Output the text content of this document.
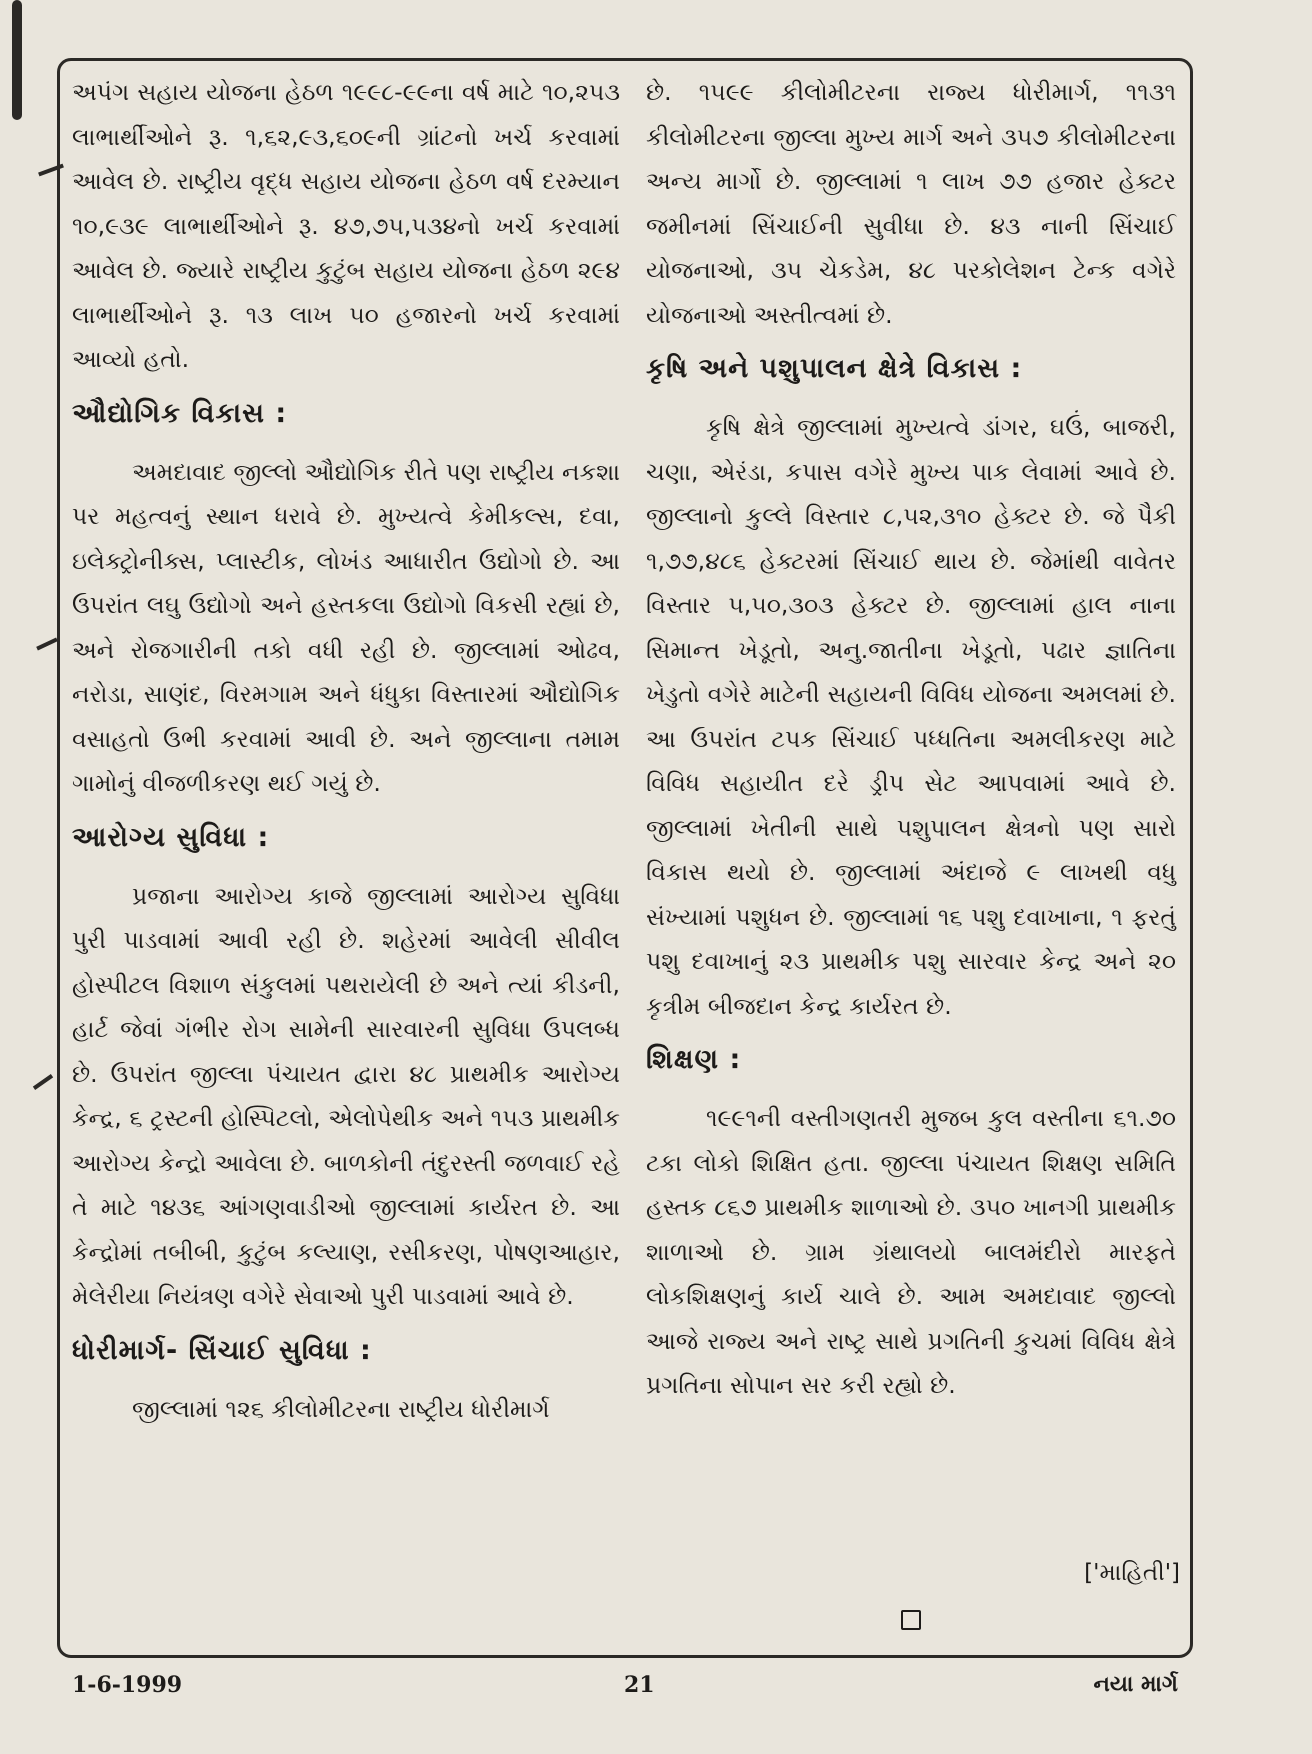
અપંગ સહાય યોજના હેઠળ ૧૯૯૮-૯૯ના વર્ષ માટે ૧૦,૨૫૩ લાભાર્થીઓને રૂ. ૧,૬૨,૯૩,૬૦૯ની ગ્રાંટનો ખર્ચ કરવામાં આવેલ છે. રાષ્ટ્રીય વૃદ્ધ સહાય યોજના હેઠળ વર્ષ દરમ્યાન ૧૦,૯૩૯ લાભાર્થીઓને રૂ. ૪૭,૭૫,૫૩૪નો ખર્ચ કરવામાં આવેલ છે. જ્યારે રાષ્ટ્રીય કુટુંબ સહાય યોજના હેઠળ ૨૯૪ લાભાર્થીઓને રૂ. ૧૩ લાખ ૫૦ હજારનો ખર્ચ કરવામાં આવ્યો હતો.

ઔદ્યોગિક વિકાસ :

અમદાવાદ જીલ્લો ઔદ્યોગિક રીતે પણ રાષ્ટ્રીય નકશા પર મહત્વનું સ્થાન ધરાવે છે. મુખ્યત્વે કેમીકલ્સ, દવા, ઇલેક્ટ્રોનીક્સ, પ્લાસ્ટીક, લોખંડ આધારીત ઉદ્યોગો છે. આ ઉપરાંત લઘુ ઉદ્યોગો અને હસ્તકલા ઉદ્યોગો વિકસી રહ્યાં છે, અને રોજગારીની તકો વધી રહી છે. જીલ્લામાં ઓઢવ, નરોડા, સાણંદ, વિરમગામ અને ધંધુકા વિસ્તારમાં ઔદ્યોગિક વસાહતો ઉભી કરવામાં આવી છે. અને જીલ્લાના તમામ ગામોનું વીજળીકરણ થઈ ગયું છે.

આરોગ્ય સુવિધા :

પ્રજાના આરોગ્ય કાજે જીલ્લામાં આરોગ્ય સુવિધા પુરી પાડવામાં આવી રહી છે. શહેરમાં આવેલી સીવીલ હોસ્પીટલ વિશાળ સંકુલમાં પથરાયેલી છે અને ત્યાં કીડની, હાર્ટ જેવાં ગંભીર રોગ સામેની સારવારની સુવિધા ઉપલબ્ધ છે. ઉપરાંત જીલ્લા પંચાયત દ્વારા ૪૮ પ્રાથમીક આરોગ્ય કેન્દ્ર, ૬ ટ્રસ્ટની હોસ્પિટલો, એલોપેથીક અને ૧૫૩ પ્રાથમીક આરોગ્ય કેન્દ્રો આવેલા છે. બાળકોની તંદુરસ્તી જળવાઈ રહે તે માટે ૧૪૩૬ આંગણવાડીઓ જીલ્લામાં કાર્યરત છે. આ કેન્દ્રોમાં તબીબી, કુટુંબ કલ્યાણ, રસીકરણ, પોષણઆહાર, મેલેરીયા નિયંત્રણ વગેરે સેવાઓ પુરી પાડવામાં આવે છે.

ધોરીમાર્ગ- સિંચાઈ સુવિધા :

જીલ્લામાં ૧૨૬ કીલોમીટરના રાષ્ટ્રીય ધોરીમાર્ગ

છે. ૧૫૯૯ કીલોમીટરના રાજ્ય ધોરીમાર્ગ, ૧૧૩૧ કીલોમીટરના જીલ્લા મુખ્ય માર્ગ અને ૩૫૭ કીલોમીટરના અન્ય માર્ગો છે. જીલ્લામાં ૧ લાખ ૭૭ હજાર હેક્ટર જમીનમાં સિંચાઈની સુવીધા છે. ૪૩ નાની સિંચાઈ યોજનાઓ, ૩૫ ચેકડેમ, ૪૮ પરકોલેશન ટેન્ક વગેરે યોજનાઓ અસ્તીત્વમાં છે.

કૃષિ અને પશુપાલન ક્ષેત્રે વિકાસ :

કૃષિ ક્ષેત્રે જીલ્લામાં મુખ્યત્વે ડાંગર, ઘઉં, બાજરી, ચણા, એરંડા, કપાસ વગેરે મુખ્ય પાક લેવામાં આવે છે. જીલ્લાનો કુલ્લે વિસ્તાર ૮,૫૨,૩૧૦ હેક્ટર છે. જે પૈકી ૧,૭૭,૪૮૬ હેક્ટરમાં સિંચાઈ થાય છે. જેમાંથી વાવેતર વિસ્તાર ૫,૫૦,૩૦૩ હેક્ટર છે. જીલ્લામાં હાલ નાના સિમાન્ત ખેડૂતો, અનુ.જાતીના ખેડૂતો, પઢાર જ્ઞાતિના ખેડુતો વગેરે માટેની સહાયની વિવિધ યોજના અમલમાં છે. આ ઉપરાંત ટપક સિંચાઈ પધ્ધતિના અમલીકરણ માટે વિવિધ સહાયીત દરે ડ્રીપ સેટ આપવામાં આવે છે. જીલ્લામાં ખેતીની સાથે પશુપાલન ક્ષેત્રનો પણ સારો વિકાસ થયો છે. જીલ્લામાં અંદાજે ૯ લાખથી વધુ સંખ્યામાં પશુધન છે. જીલ્લામાં ૧૬ પશુ દવાખાના, ૧ ફરતું પશુ દવાખાનું ૨૩ પ્રાથમીક પશુ સારવાર કેન્દ્ર અને ૨૦ કૃત્રીમ બીજદાન કેન્દ્ર કાર્યરત છે.

શિક્ષણ :

૧૯૯૧ની વસ્તીગણતરી મુજબ કુલ વસ્તીના ૬૧.૭૦ ટકા લોકો શિક્ષિત હતા. જીલ્લા પંચાયત શિક્ષણ સમિતિ હસ્તક ૮૬૭ પ્રાથમીક શાળાઓ છે. ૩૫૦ ખાનગી પ્રાથમીક શાળાઓ છે. ગ્રામ ગ્રંથાલયો બાલમંદીરો મારફતે લોકશિક્ષણનું કાર્ય ચાલે છે. આમ અમદાવાદ જીલ્લો આજે રાજ્ય અને રાષ્ટ્ર સાથે પ્રગતિની કુચમાં વિવિધ ક્ષેત્રે પ્રગતિના સોપાન સર કરી રહ્યો છે.

['માહિતી']
1-6-1999	21	નયા માર્ગ
